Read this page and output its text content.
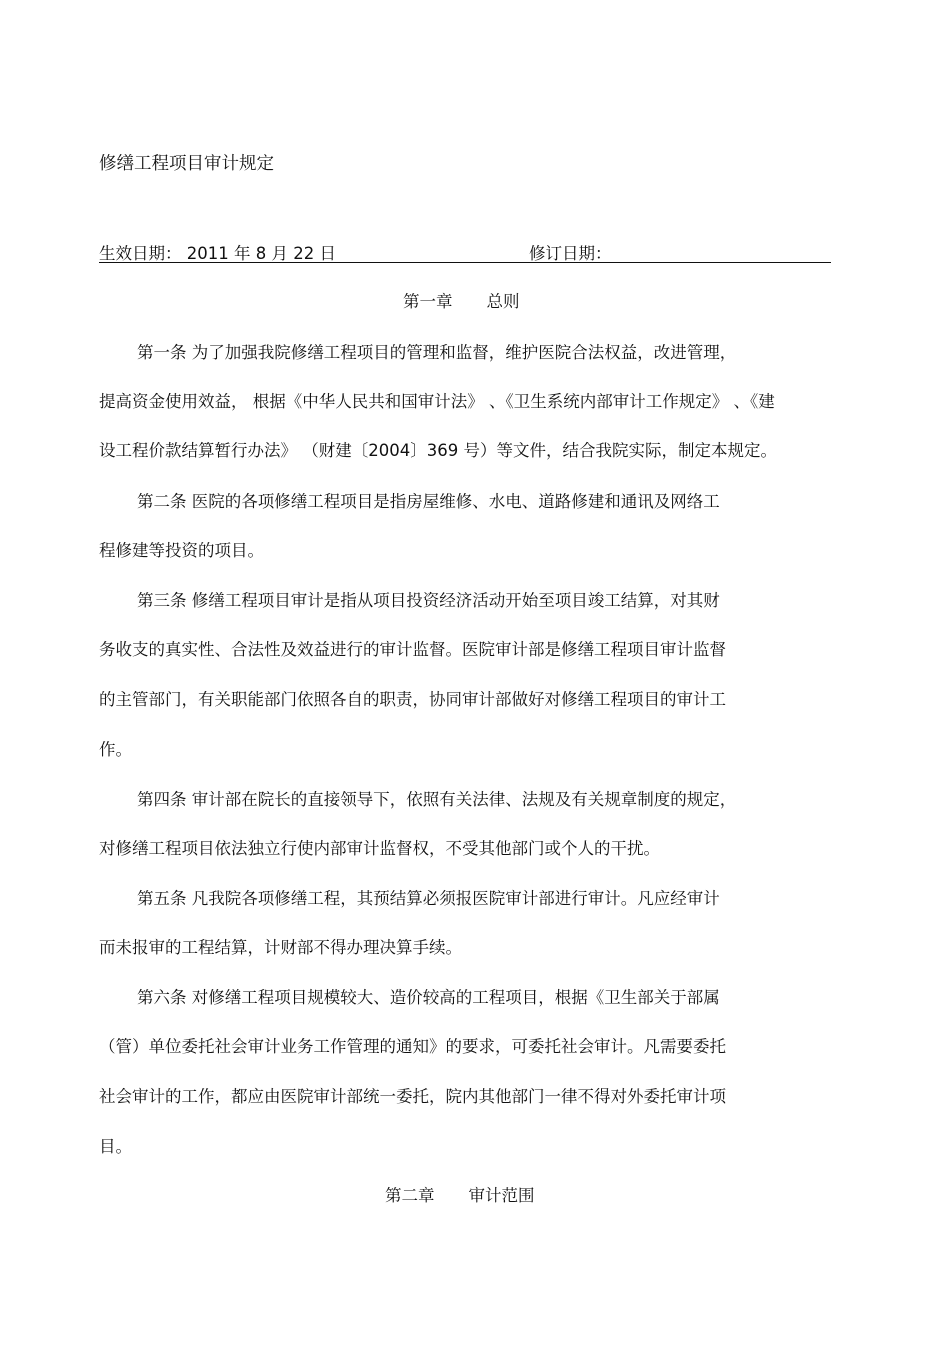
修缮工程项目审计规定
生效日期： 2011 年 8 月 22 日	修订日期：
第一章 总则
第一条 为了加强我院修缮工程项目的管理和监督，维护医院合法权益，改进管理，
提高资金使用效益， 根据《中华人民共和国审计法》 、《卫生系统内部审计工作规定》 、《建
设工程价款结算暂行办法》 （财建〔2004〕369 号）等文件，结合我院实际，制定本规定。
第二条 医院的各项修缮工程项目是指房屋维修、水电、道路修建和通讯及网络工
程修建等投资的项目。
第三条 修缮工程项目审计是指从项目投资经济活动开始至项目竣工结算，对其财
务收支的真实性、合法性及效益进行的审计监督。医院审计部是修缮工程项目审计监督
的主管部门，有关职能部门依照各自的职责，协同审计部做好对修缮工程项目的审计工
作。
第四条 审计部在院长的直接领导下，依照有关法律、法规及有关规章制度的规定，
对修缮工程项目依法独立行使内部审计监督权，不受其他部门或个人的干扰。
第五条 凡我院各项修缮工程，其预结算必须报医院审计部进行审计。凡应经审计
而未报审的工程结算，计财部不得办理决算手续。
第六条 对修缮工程项目规模较大、造价较高的工程项目，根据《卫生部关于部属
（管）单位委托社会审计业务工作管理的通知》的要求，可委托社会审计。凡需要委托
社会审计的工作，都应由医院审计部统一委托，院内其他部门一律不得对外委托审计项
目。
第二章 审计范围
